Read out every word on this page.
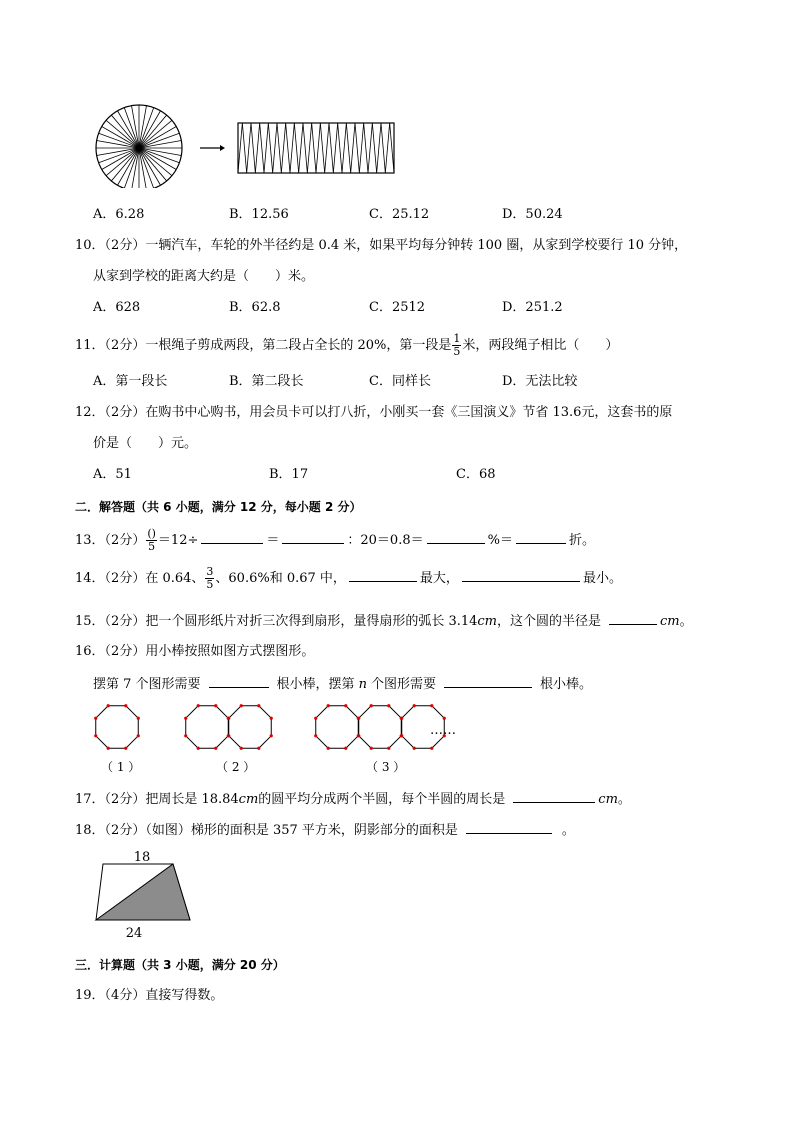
A．6.28	B．12.56	C．25.12	D．50.24
10．（2分）一辆汽车，车轮的外半径约是 0.4 米，如果平均每分钟转 100 圈，从家到学校要行 10 分钟，
从家到学校的距离大约是（　　）米。
A．628	B．62.8	C．2512	D．251.2
11．（2分）一根绳子剪成两段，第二段占全长的 20%，第一段是 $\frac{1}{5}$ 米，两段绳子相比（　　）
A．第一段长	B．第二段长	C．同样长	D．无法比较
12．（2分）在购书中心购书，用会员卡可以打八折，小刚买一套《三国演义》节省 13.6元，这套书的原
价是（　　）元。
A．51	B．17	C．68
二．解答题（共 6 小题，满分 12 分，每小题 2 分）
13．（2分） $\frac{()}{5} =12\div$	＝	：20＝0.8＝	%＝	折。
14．（2分）在 0.64、 $\frac{3}{5}$ 、60.6%和 0.67 中，	最大，	最小。
15．（2分）把一个圆形纸片对折三次得到扇形，量得扇形的弧长 3.14cm，这个圆的半径是	cm。
16．（2分）用小棒按照如图方式摆图形。
摆第 7 个图形需要	根小棒，摆第 n 个图形需要	根小棒。
……
（ 1 ）	（ 2 ）	（ 3 ）
17．（2分）把周长是 18.84cm的圆平均分成两个半圆，每个半圆的周长是	cm。
18．（2分）（如图）梯形的面积是 357 平方米，阴影部分的面积是	。
18
24
三．计算题（共 3 小题，满分 20 分）
19．（4分）直接写得数。
